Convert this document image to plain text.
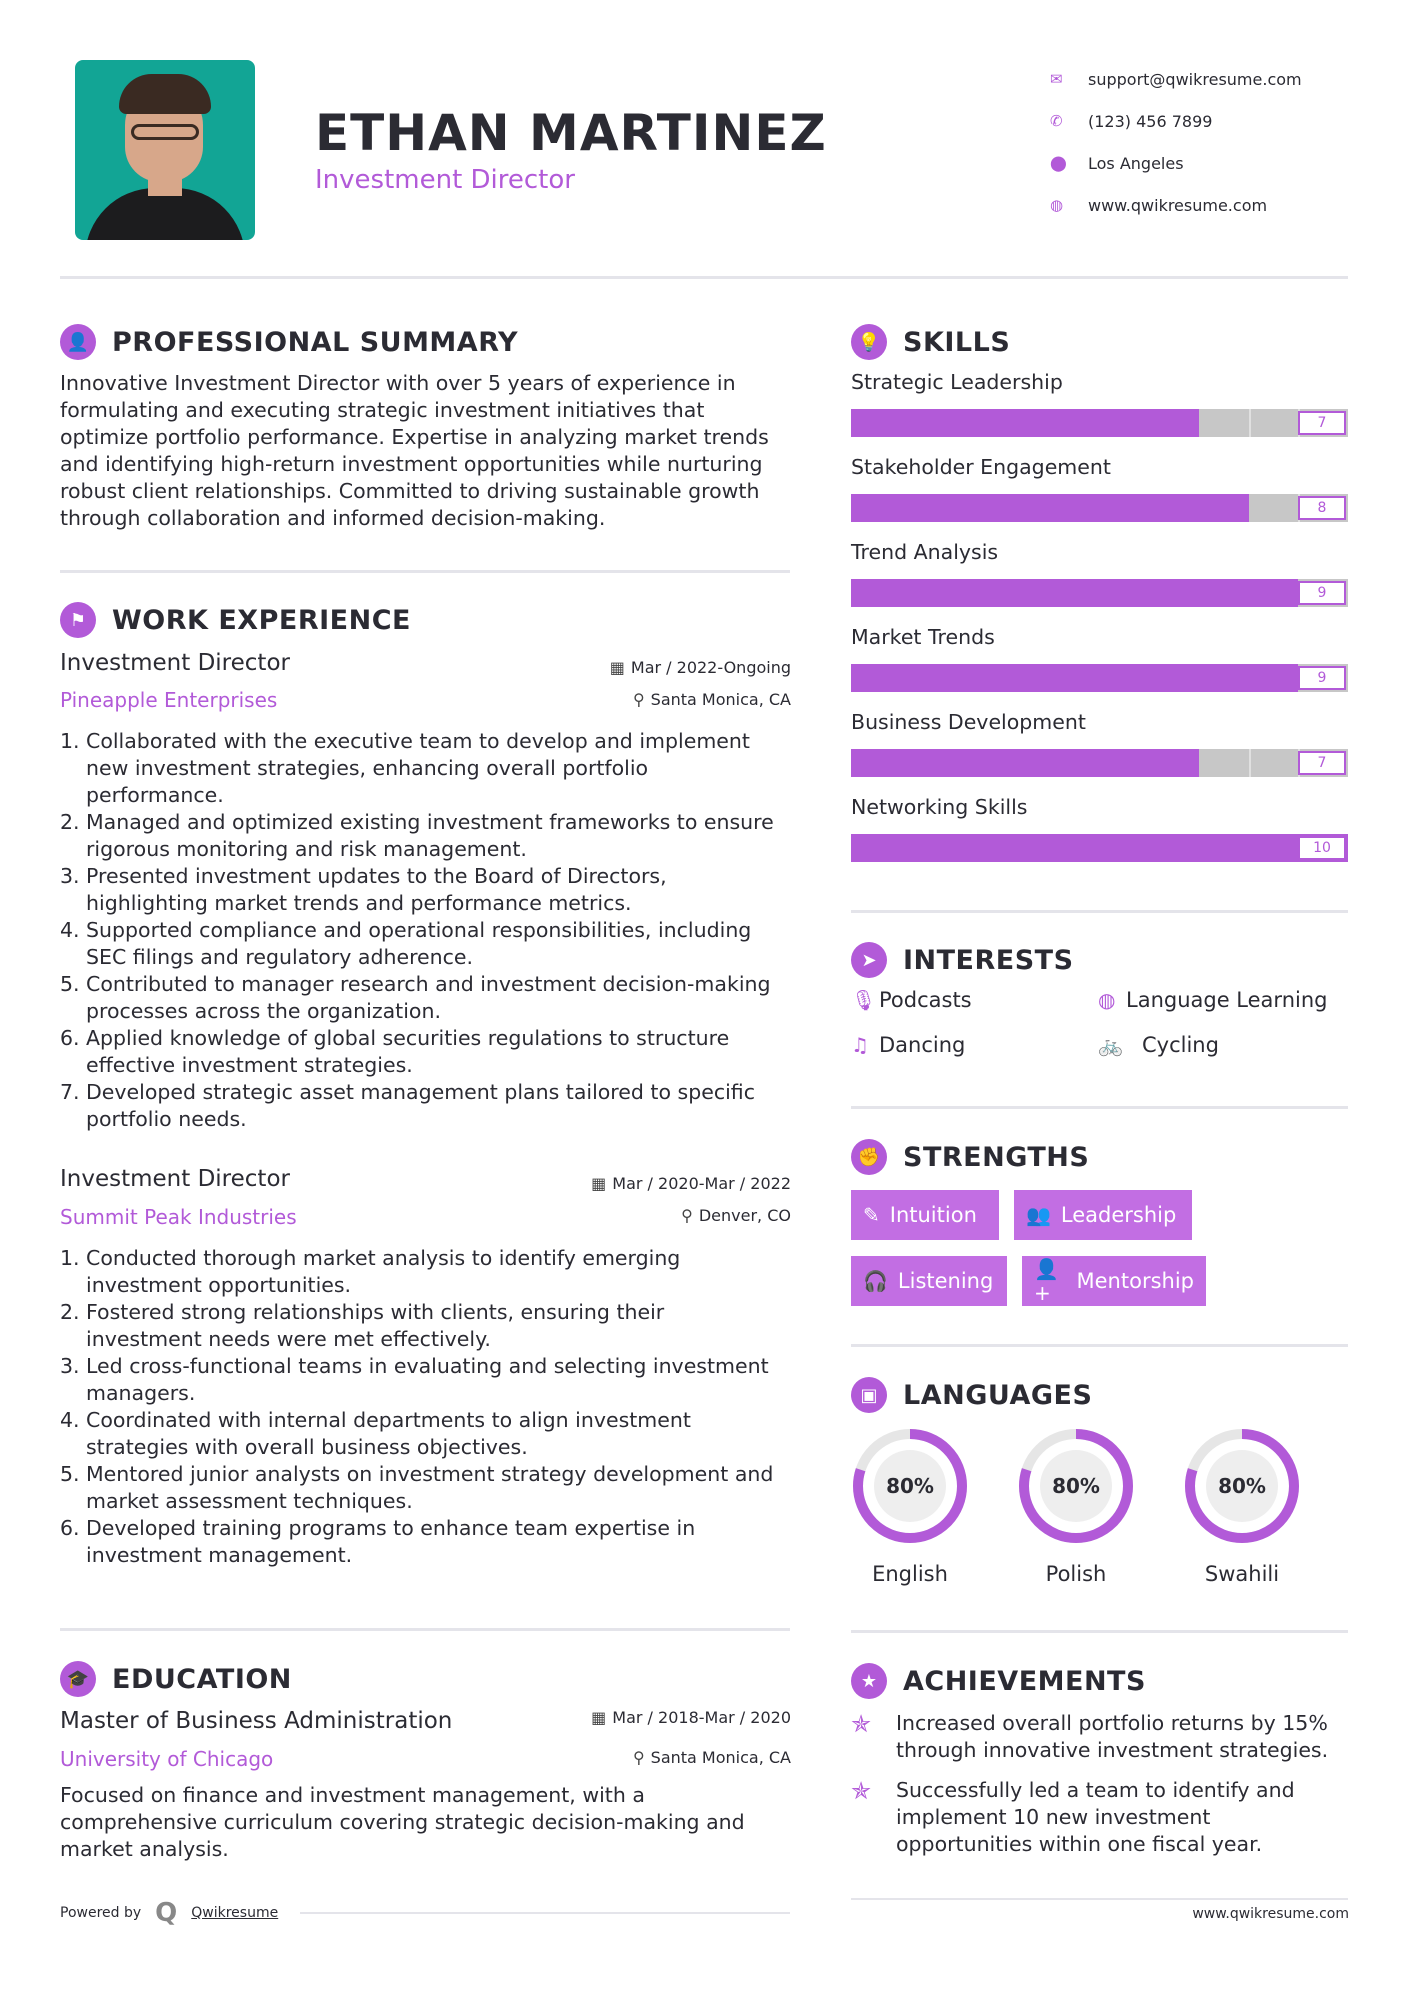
ETHAN MARTINEZ
Investment Director
✉	support@qwikresume.com
✆	(123) 456 7899
⬤	Los Angeles
◍	www.qwikresume.com
👤 PROFESSIONAL SUMMARY
Innovative Investment Director with over 5 years of experience in
formulating and executing strategic investment initiatives that
optimize portfolio performance. Expertise in analyzing market trends
and identifying high-return investment opportunities while nurturing
robust client relationships. Committed to driving sustainable growth
through collaboration and informed decision-making.
⚑ WORK EXPERIENCE
Investment Director
Pineapple Enterprises
▦ Mar / 2022-Ongoing
⚲ Santa Monica, CA
1. Collaborated with the executive team to develop and implement
new investment strategies, enhancing overall portfolio
performance.
2. Managed and optimized existing investment frameworks to ensure
rigorous monitoring and risk management.
3. Presented investment updates to the Board of Directors,
highlighting market trends and performance metrics.
4. Supported compliance and operational responsibilities, including
SEC filings and regulatory adherence.
5. Contributed to manager research and investment decision-making
processes across the organization.
6. Applied knowledge of global securities regulations to structure
effective investment strategies.
7. Developed strategic asset management plans tailored to specific
portfolio needs.
Investment Director
Summit Peak Industries
▦ Mar / 2020-Mar / 2022
⚲ Denver, CO
1. Conducted thorough market analysis to identify emerging
investment opportunities.
2. Fostered strong relationships with clients, ensuring their
investment needs were met effectively.
3. Led cross-functional teams in evaluating and selecting investment
managers.
4. Coordinated with internal departments to align investment
strategies with overall business objectives.
5. Mentored junior analysts on investment strategy development and
market assessment techniques.
6. Developed training programs to enhance team expertise in
investment management.
🎓 EDUCATION
Master of Business Administration
University of Chicago
▦ Mar / 2018-Mar / 2020
⚲ Santa Monica, CA
Focused on finance and investment management, with a
comprehensive curriculum covering strategic decision-making and
market analysis.
Powered by Q Qwikresume
💡 SKILLS
Strategic Leadership
7
Stakeholder Engagement
8
Trend Analysis
9
Market Trends
9
Business Development
7
Networking Skills
10
➤ INTERESTS
🎙 Podcasts	◍ Language Learning
♫ Dancing	🚲 Cycling
✊ STRENGTHS
✎ Intuition 👥 Leadership
🎧 Listening 👤+	Mentorship
▣ LANGUAGES
80%
English
80%
Polish
80%
Swahili
★ ACHIEVEMENTS
✯	Increased overall portfolio returns by 15%
through innovative investment strategies.
✯	Successfully led a team to identify and
implement 10 new investment
opportunities within one fiscal year.
www.qwikresume.com
